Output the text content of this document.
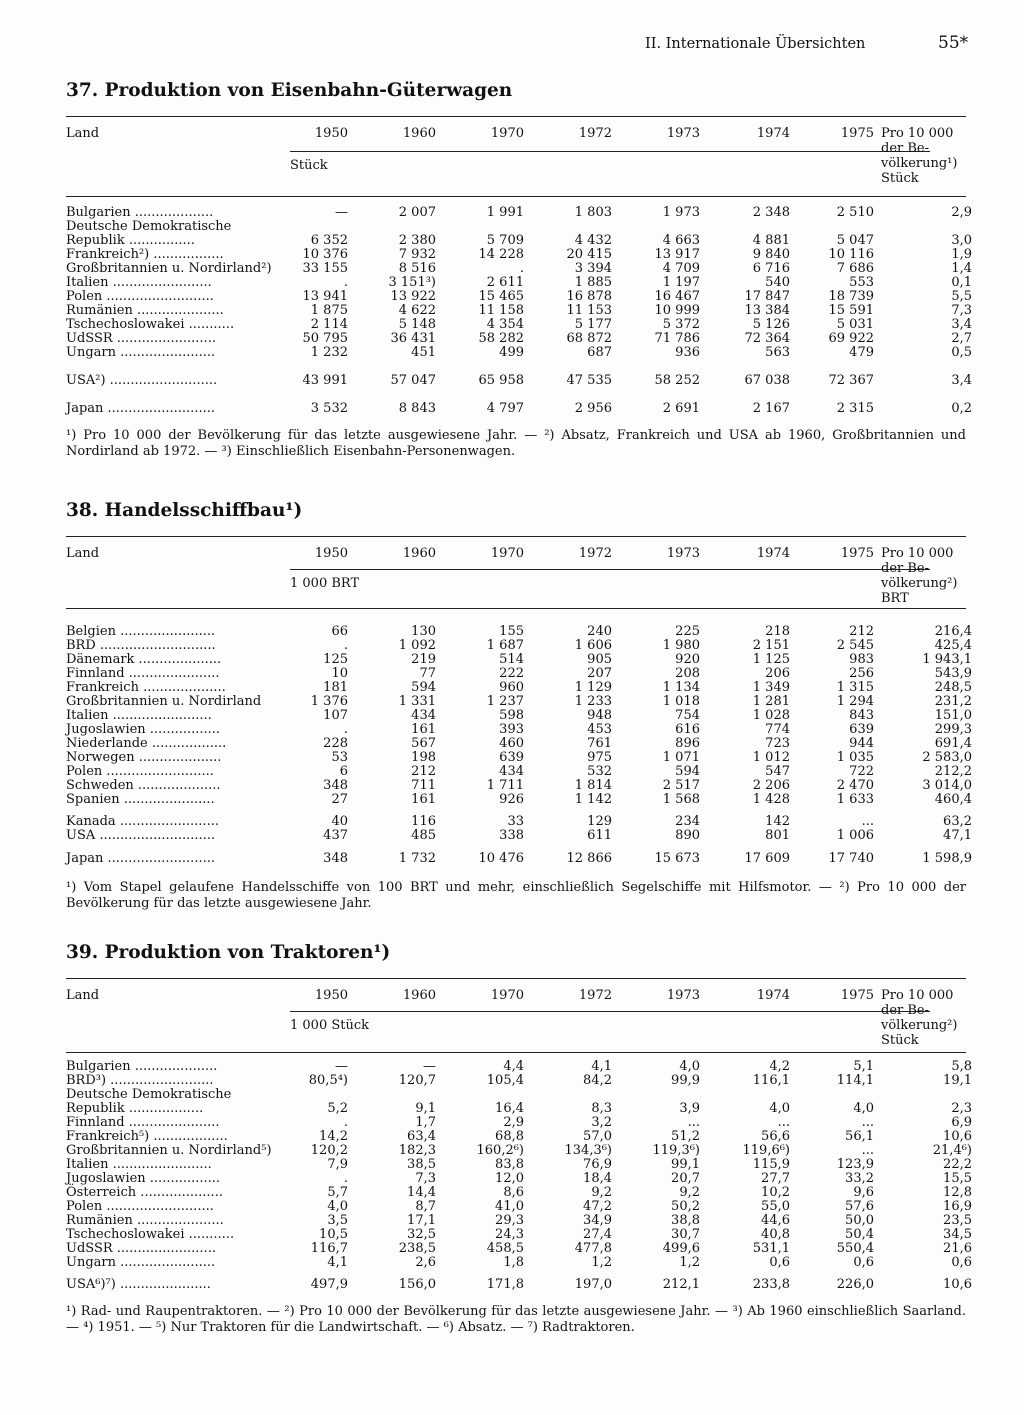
II. Internationale Übersichten	55*
37. Produktion von Eisenbahn-Güterwagen
Land	1950	1960	1970	1972	1973	1974	1975
Stück
Pro 10 000
der Be-
völkerung¹)
Stück
Bulgarien ...................	—	2 007	1 991	1 803	1 973	2 348	2 510	2,9
Deutsche Demokratische
Republik ................	6 352	2 380	5 709	4 432	4 663	4 881	5 047	3,0
Frankreich²) .................	10 376	7 932	14 228	20 415	13 917	9 840	10 116	1,9
Großbritannien u. Nordirland²)	33 155	8 516	.	3 394	4 709	6 716	7 686	1,4
Italien ........................	.	3 151³)	2 611	1 885	1 197	540	553	0,1
Polen ..........................	13 941	13 922	15 465	16 878	16 467	17 847	18 739	5,5
Rumänien .....................	1 875	4 622	11 158	11 153	10 999	13 384	15 591	7,3
Tschechoslowakei ...........	2 114	5 148	4 354	5 177	5 372	5 126	5 031	3,4
UdSSR ........................	50 795	36 431	58 282	68 872	71 786	72 364	69 922	2,7
Ungarn .......................	1 232	451	499	687	936	563	479	0,5
USA²) ..........................	43 991	57 047	65 958	47 535	58 252	67 038	72 367	3,4
Japan ..........................	3 532	8 843	4 797	2 956	2 691	2 167	2 315	0,2
¹) Pro 10 000 der Bevölkerung für das letzte ausgewiesene Jahr. — ²) Absatz, Frankreich und USA ab 1960, Großbritannien und Nordirland ab 1972. — ³) Einschließlich Eisenbahn-Personenwagen.
38. Handelsschiffbau¹)
Land	1950	1960	1970	1972	1973	1974	1975
1 000 BRT
Pro 10 000
der Be-
völkerung²)
BRT
Belgien .......................	66	130	155	240	225	218	212	216,4
BRD ............................	.	1 092	1 687	1 606	1 980	2 151	2 545	425,4
Dänemark ....................	125	219	514	905	920	1 125	983	1 943,1
Finnland ......................	10	77	222	207	208	206	256	543,9
Frankreich ....................	181	594	960	1 129	1 134	1 349	1 315	248,5
Großbritannien u. Nordirland	1 376	1 331	1 237	1 233	1 018	1 281	1 294	231,2
Italien ........................	107	434	598	948	754	1 028	843	151,0
Jugoslawien .................	.	161	393	453	616	774	639	299,3
Niederlande ..................	228	567	460	761	896	723	944	691,4
Norwegen ....................	53	198	639	975	1 071	1 012	1 035	2 583,0
Polen ..........................	6	212	434	532	594	547	722	212,2
Schweden ....................	348	711	1 711	1 814	2 517	2 206	2 470	3 014,0
Spanien ......................	27	161	926	1 142	1 568	1 428	1 633	460,4
Kanada ........................	40	116	33	129	234	142	...	63,2
USA ............................	437	485	338	611	890	801	1 006	47,1
Japan ..........................	348	1 732	10 476	12 866	15 673	17 609	17 740	1 598,9
¹) Vom Stapel gelaufene Handelsschiffe von 100 BRT und mehr, einschließlich Segelschiffe mit Hilfsmotor. — ²) Pro 10 000 der Bevölkerung für das letzte ausgewiesene Jahr.
39. Produktion von Traktoren¹)
Land	1950	1960	1970	1972	1973	1974	1975
1 000 Stück
Pro 10 000
der Be-
völkerung²)
Stück
Bulgarien ....................	—	—	4,4	4,1	4,0	4,2	5,1	5,8
BRD³) .........................	80,5⁴)	120,7	105,4	84,2	99,9	116,1	114,1	19,1
Deutsche Demokratische
Republik ..................	5,2	9,1	16,4	8,3	3,9	4,0	4,0	2,3
Finnland ......................	.	1,7	2,9	3,2	...	...	...	6,9
Frankreich⁵) ..................	14,2	63,4	68,8	57,0	51,2	56,6	56,1	10,6
Großbritannien u. Nordirland⁵)	120,2	182,3	160,2⁶)	134,3⁶)	119,3⁶)	119,6⁶)	...	21,4⁶)
Italien ........................	7,9	38,5	83,8	76,9	99,1	115,9	123,9	22,2
Jugoslawien .................	.	7,3	12,0	18,4	20,7	27,7	33,2	15,5
Österreich ....................	5,7	14,4	8,6	9,2	9,2	10,2	9,6	12,8
Polen ..........................	4,0	8,7	41,0	47,2	50,2	55,0	57,6	16,9
Rumänien .....................	3,5	17,1	29,3	34,9	38,8	44,6	50,0	23,5
Tschechoslowakei ...........	10,5	32,5	24,3	27,4	30,7	40,8	50,4	34,5
UdSSR ........................	116,7	238,5	458,5	477,8	499,6	531,1	550,4	21,6
Ungarn .......................	4,1	2,6	1,8	1,2	1,2	0,6	0,6	0,6
USA⁶)⁷) ......................	497,9	156,0	171,8	197,0	212,1	233,8	226,0	10,6
¹) Rad- und Raupentraktoren. — ²) Pro 10 000 der Bevölkerung für das letzte ausgewiesene Jahr. — ³) Ab 1960 einschließlich Saarland. — ⁴) 1951. — ⁵) Nur Traktoren für die Landwirtschaft. — ⁶) Absatz. — ⁷) Radtraktoren.
